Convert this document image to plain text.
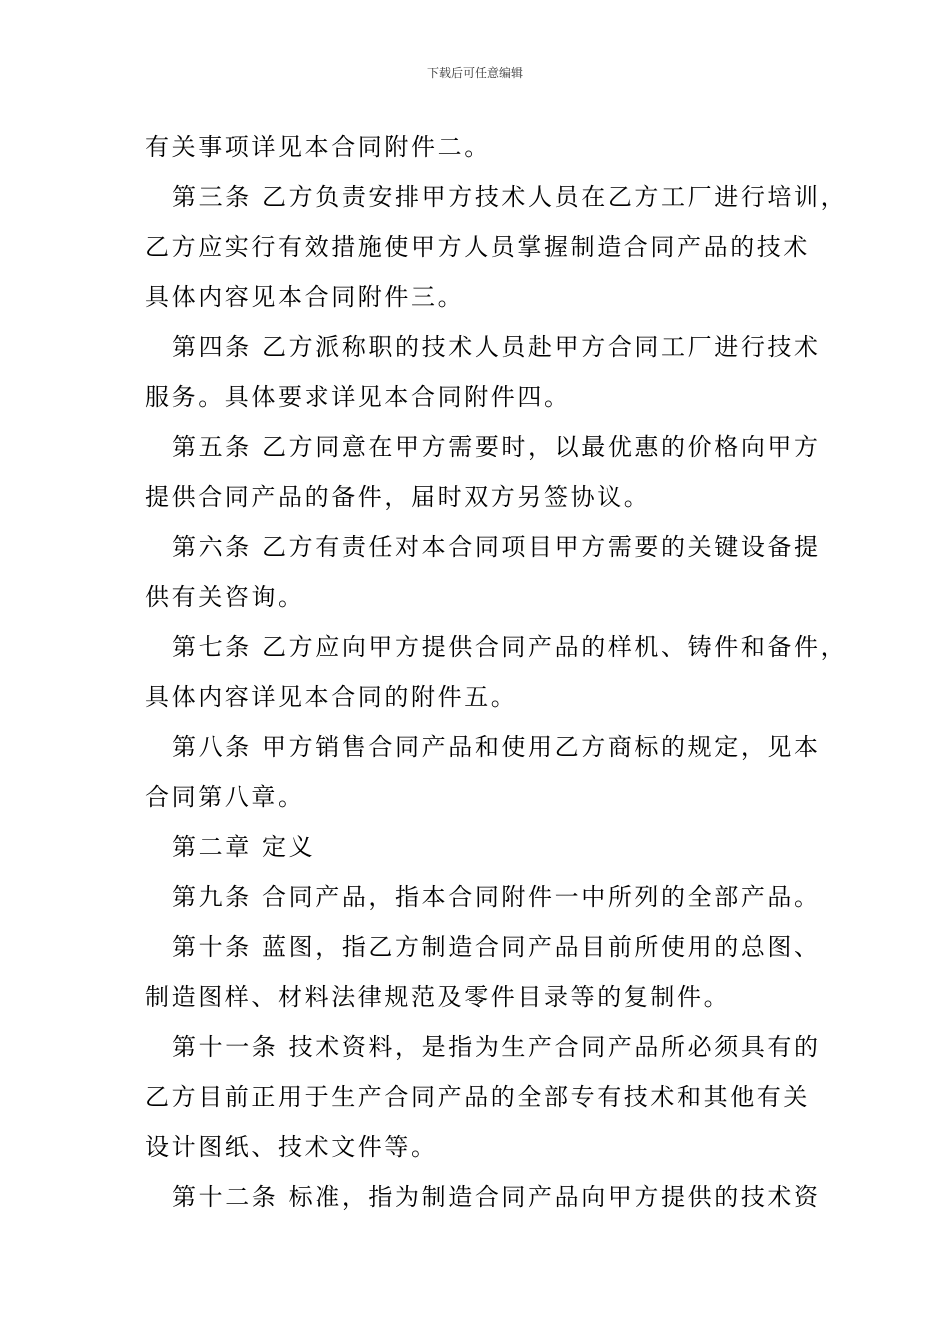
下载后可任意编辑

有关事项详见本合同附件二。

第三条 乙方负责安排甲方技术人员在乙方工厂进行培训，

乙方应实行有效措施使甲方人员掌握制造合同产品的技术

具体内容见本合同附件三。

第四条 乙方派称职的技术人员赴甲方合同工厂进行技术

服务。具体要求详见本合同附件四。

第五条 乙方同意在甲方需要时，以最优惠的价格向甲方

提供合同产品的备件，届时双方另签协议。

第六条 乙方有责任对本合同项目甲方需要的关键设备提

供有关咨询。

第七条 乙方应向甲方提供合同产品的样机、铸件和备件，

具体内容详见本合同的附件五。

第八条 甲方销售合同产品和使用乙方商标的规定，见本

合同第八章。

第二章 定义

第九条 合同产品，指本合同附件一中所列的全部产品。

第十条 蓝图，指乙方制造合同产品目前所使用的总图、

制造图样、材料法律规范及零件目录等的复制件。

第十一条 技术资料，是指为生产合同产品所必须具有的

乙方目前正用于生产合同产品的全部专有技术和其他有关

设计图纸、技术文件等。

第十二条 标准，指为制造合同产品向甲方提供的技术资
